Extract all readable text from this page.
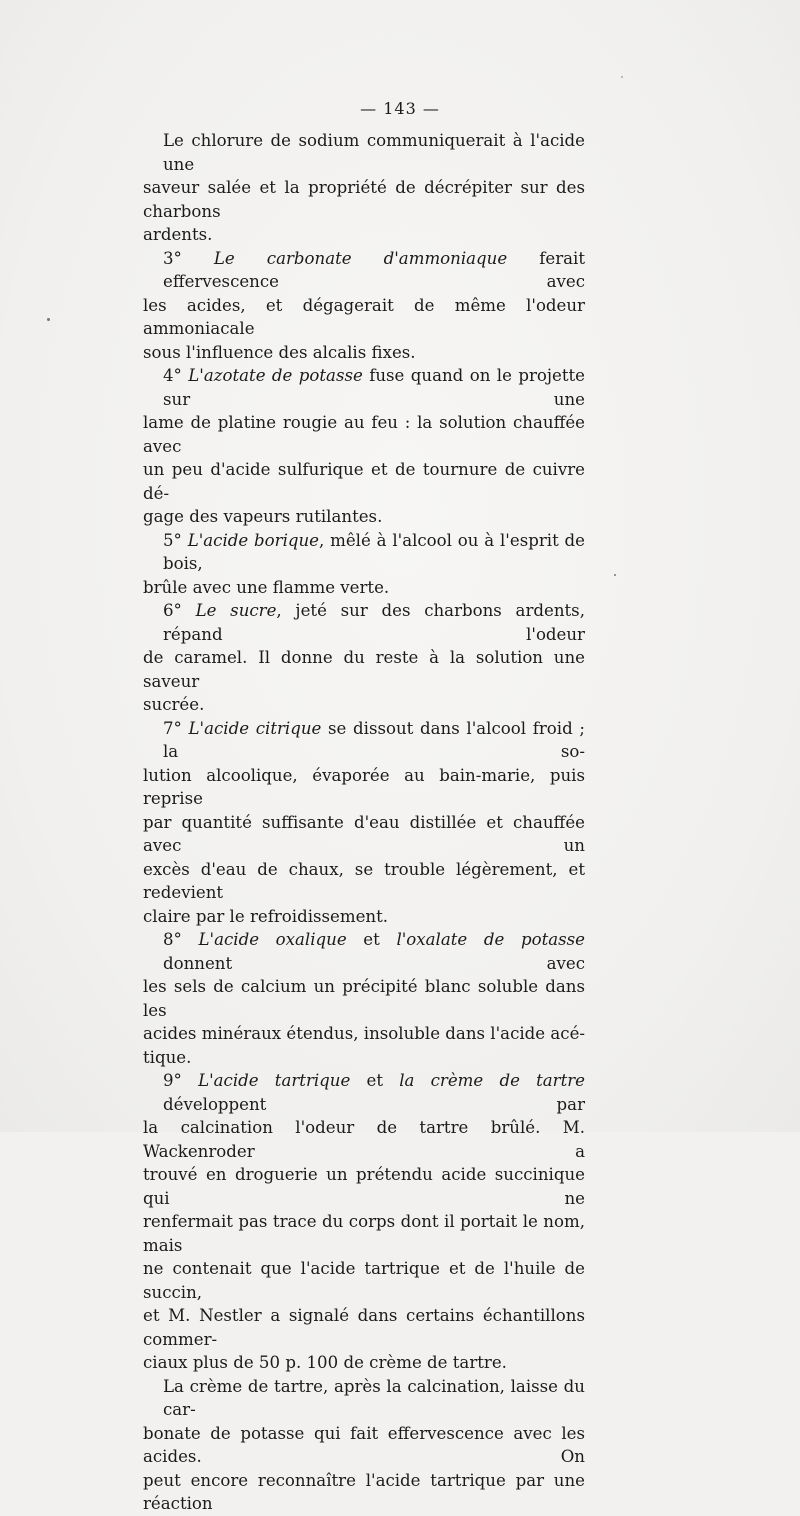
— 143 —
Le chlorure de sodium communiquerait à l'acide une
saveur salée et la propriété de décrépiter sur des charbons
ardents.
3° Le carbonate d'ammoniaque ferait effervescence avec
les acides, et dégagerait de même l'odeur ammoniacale
sous l'influence des alcalis fixes.
4° L'azotate de potasse fuse quand on le projette sur une
lame de platine rougie au feu : la solution chauffée avec
un peu d'acide sulfurique et de tournure de cuivre dé-
gage des vapeurs rutilantes.
5° L'acide borique, mêlé à l'alcool ou à l'esprit de bois,
brûle avec une flamme verte.
6° Le sucre, jeté sur des charbons ardents, répand l'odeur
de caramel. Il donne du reste à la solution une saveur
sucrée.
7° L'acide citrique se dissout dans l'alcool froid ; la so-
lution alcoolique, évaporée au bain-marie, puis reprise
par quantité suffisante d'eau distillée et chauffée avec un
excès d'eau de chaux, se trouble légèrement, et redevient
claire par le refroidissement.
8° L'acide oxalique et l'oxalate de potasse donnent avec
les sels de calcium un précipité blanc soluble dans les
acides minéraux étendus, insoluble dans l'acide acé-
tique.
9° L'acide tartrique et la crème de tartre développent par
la calcination l'odeur de tartre brûlé. M. Wackenroder a
trouvé en droguerie un prétendu acide succinique qui ne
renfermait pas trace du corps dont il portait le nom, mais
ne contenait que l'acide tartrique et de l'huile de succin,
et M. Nestler a signalé dans certains échantillons commer-
ciaux plus de 50 p. 100 de crème de tartre.
La crème de tartre, après la calcination, laisse du car-
bonate de potasse qui fait effervescence avec les acides. On
peut encore reconnaître l'acide tartrique par une réaction
